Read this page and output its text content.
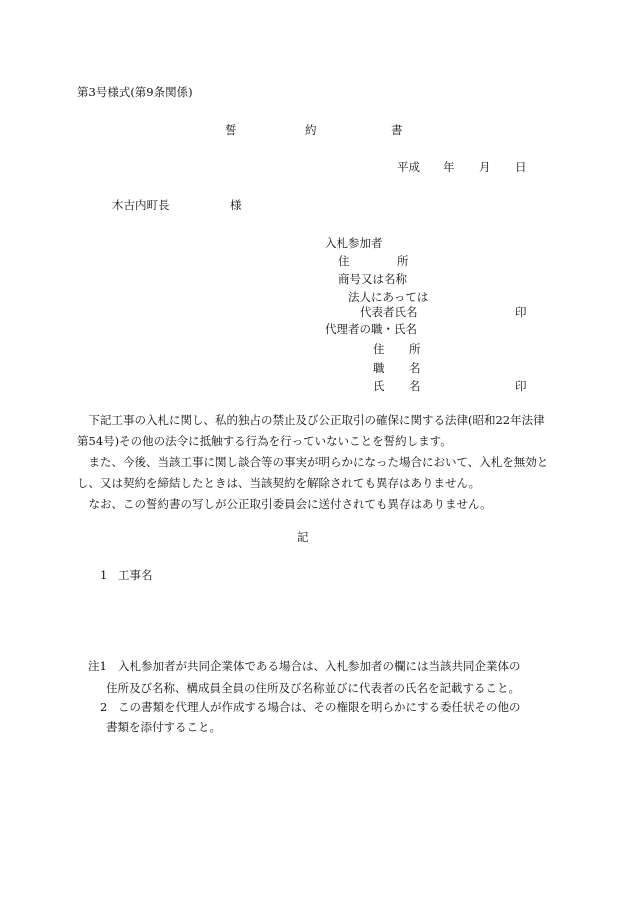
第3号様式(第9条関係)
誓	約	書
平成 年 月 日
木古内町長	様
入札参加者
住	所
商号又は名称
法人にあっては
代表者氏名	印
代理者の職・氏名
住 所
職 名
氏 名	印
　下記工事の入札に関し、私的独占の禁止及び公正取引の確保に関する法律(昭和22年法律第54号)その他の法令に抵触する行為を行っていないことを誓約します。
　また、今後、当該工事に関し談合等の事実が明らかになった場合において、入札を無効とし、又は契約を締結したときは、当該契約を解除されても異存はありません。
　なお、この誓約書の写しが公正取引委員会に送付されても異存はありません。
記
1 工事名
注1 入札参加者が共同企業体である場合は、入札参加者の欄には当該共同企業体の
住所及び名称、構成員全員の住所及び名称並びに代表者の氏名を記載すること。
2 この書類を代理人が作成する場合は、その権限を明らかにする委任状その他の
書類を添付すること。
